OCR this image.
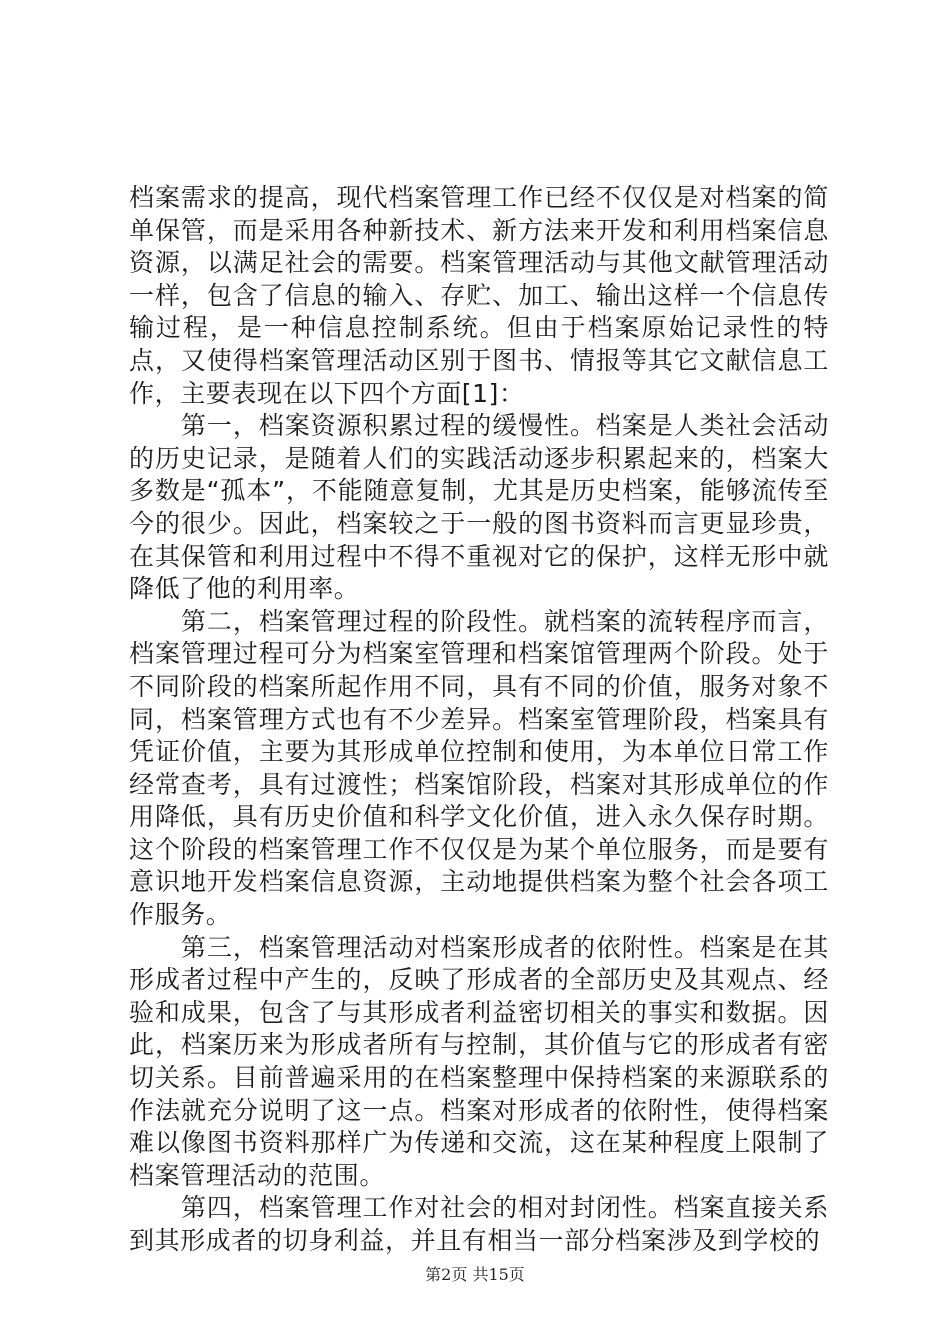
档案需求的提高，现代档案管理工作已经不仅仅是对档案的简单保管，而是采用各种新技术、新方法来开发和利用档案信息资源，以满足社会的需要。档案管理活动与其他文献管理活动一样，包含了信息的输入、存贮、加工、输出这样一个信息传输过程，是一种信息控制系统。但由于档案原始记录性的特点，又使得档案管理活动区别于图书、情报等其它文献信息工作，主要表现在以下四个方面[1]：

第一，档案资源积累过程的缓慢性。档案是人类社会活动的历史记录，是随着人们的实践活动逐步积累起来的，档案大多数是“孤本”，不能随意复制，尤其是历史档案，能够流传至今的很少。因此，档案较之于一般的图书资料而言更显珍贵，在其保管和利用过程中不得不重视对它的保护，这样无形中就降低了他的利用率。

第二，档案管理过程的阶段性。就档案的流转程序而言，档案管理过程可分为档案室管理和档案馆管理两个阶段。处于不同阶段的档案所起作用不同，具有不同的价值，服务对象不同，档案管理方式也有不少差异。档案室管理阶段，档案具有凭证价值，主要为其形成单位控制和使用，为本单位日常工作经常查考，具有过渡性；档案馆阶段，档案对其形成单位的作用降低，具有历史价值和科学文化价值，进入永久保存时期。这个阶段的档案管理工作不仅仅是为某个单位服务，而是要有意识地开发档案信息资源，主动地提供档案为整个社会各项工作服务。

第三，档案管理活动对档案形成者的依附性。档案是在其形成者过程中产生的，反映了形成者的全部历史及其观点、经验和成果，包含了与其形成者利益密切相关的事实和数据。因此，档案历来为形成者所有与控制，其价值与它的形成者有密切关系。目前普遍采用的在档案整理中保持档案的来源联系的作法就充分说明了这一点。档案对形成者的依附性，使得档案难以像图书资料那样广为传递和交流，这在某种程度上限制了档案管理活动的范围。

第四，档案管理工作对社会的相对封闭性。档案直接关系到其形成者的切身利益，并且有相当一部分档案涉及到学校的

第2页 共15页
